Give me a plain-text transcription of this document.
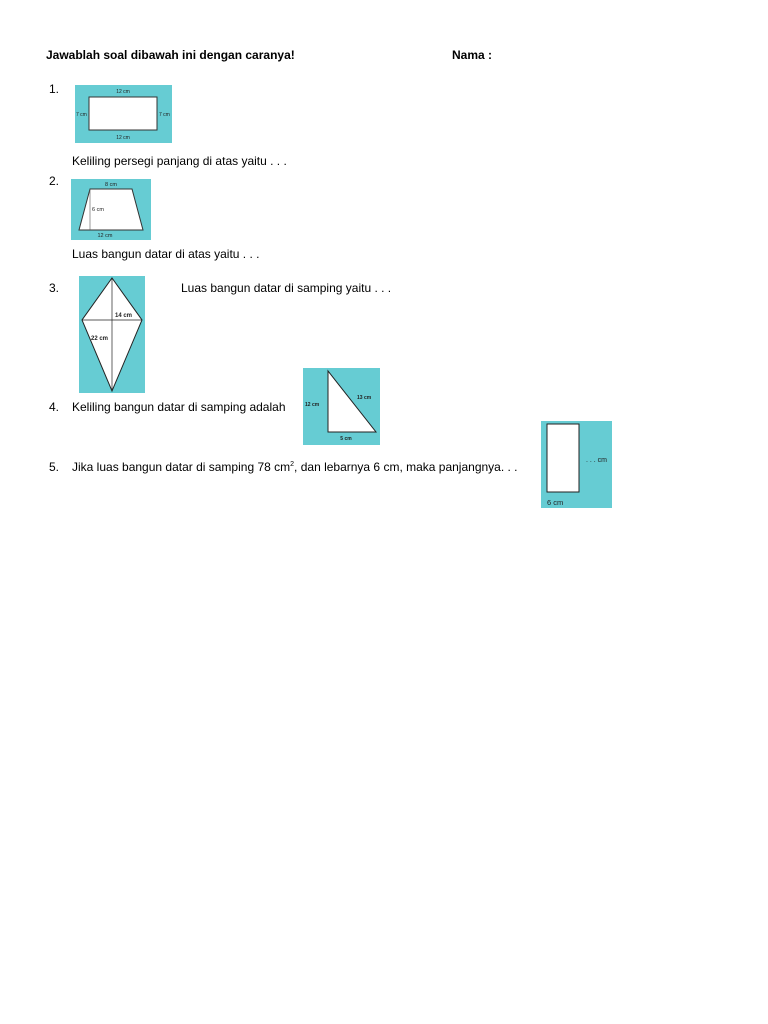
Jawablah soal dibawah ini dengan caranya!	Nama :
1.	12 cm
12 cm
7 cm	7 cm
Keliling persegi panjang di atas yaitu . . .
2.	8 cm
6 cm
12 cm
Luas bangun datar di atas yaitu . . .
3.
14 cm
22 cm
Luas bangun datar di samping yaitu . . .
12 cm
13 cm
5 cm
4. Keliling bangun datar di samping adalah
5. Jika luas bangun datar di samping 78 $cm^2$, dan lebarnya 6 cm, maka panjangnya. . .	. . . cm
6 cm
